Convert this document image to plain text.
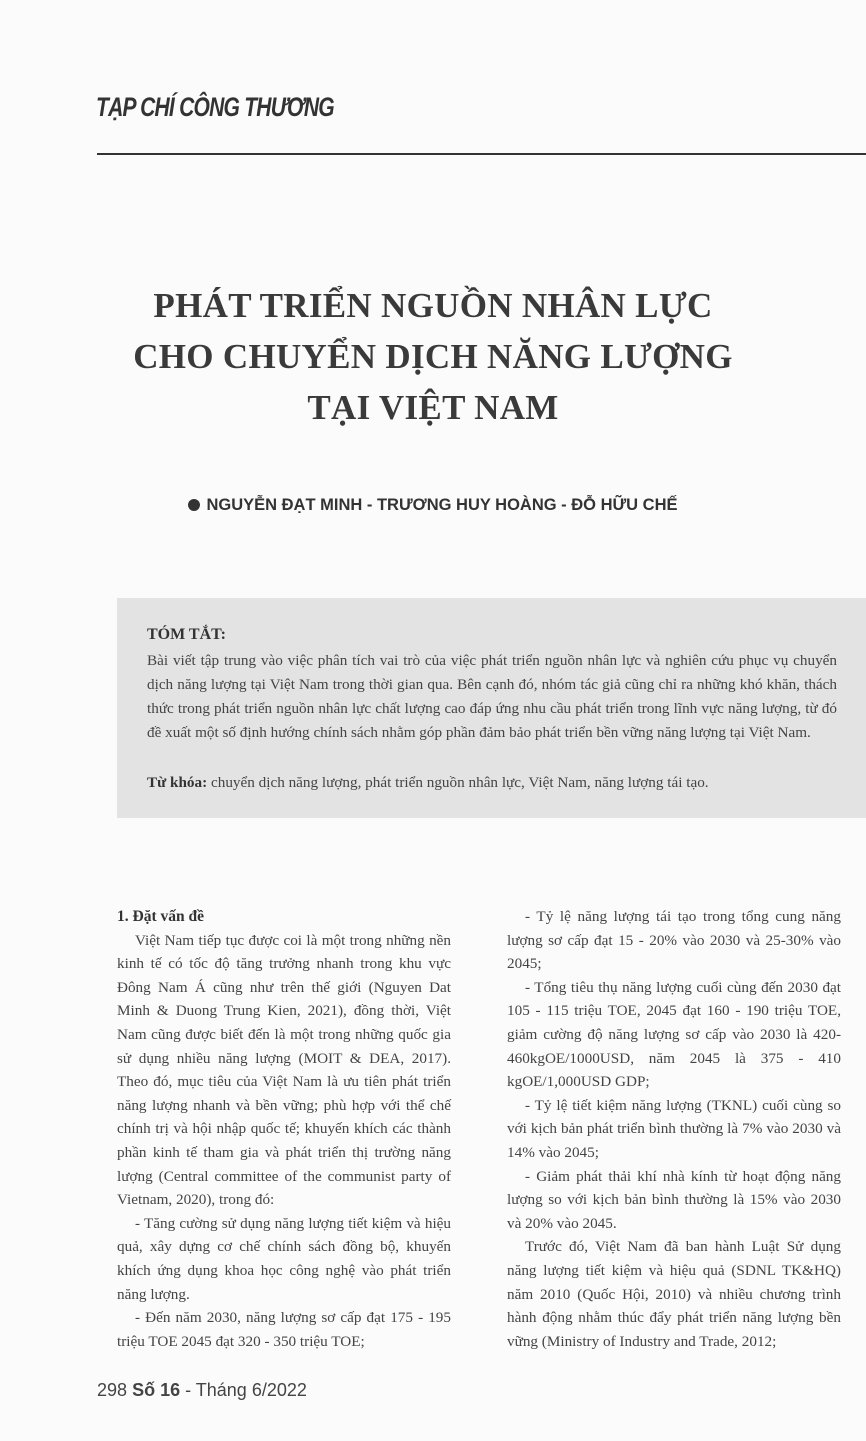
TẠP CHÍ CÔNG THƯƠNG
PHÁT TRIỂN NGUỒN NHÂN LỰC
CHO CHUYỂN DỊCH NĂNG LƯỢNG
TẠI VIỆT NAM
NGUYỄN ĐẠT MINH - TRƯƠNG HUY HOÀNG - ĐỖ HỮU CHẾ
TÓM TẮT:
Bài viết tập trung vào việc phân tích vai trò của việc phát triển nguồn nhân lực và nghiên cứu phục vụ chuyển dịch năng lượng tại Việt Nam trong thời gian qua. Bên cạnh đó, nhóm tác giả cũng chỉ ra những khó khăn, thách thức trong phát triển nguồn nhân lực chất lượng cao đáp ứng nhu cầu phát triển trong lĩnh vực năng lượng, từ đó đề xuất một số định hướng chính sách nhằm góp phần đảm bảo phát triển bền vững năng lượng tại Việt Nam.
Từ khóa: chuyển dịch năng lượng, phát triển nguồn nhân lực, Việt Nam, năng lượng tái tạo.

1. Đặt vấn đề

Việt Nam tiếp tục được coi là một trong những nền kinh tế có tốc độ tăng trưởng nhanh trong khu vực Đông Nam Á cũng như trên thế giới (Nguyen Dat Minh & Duong Trung Kien, 2021), đồng thời, Việt Nam cũng được biết đến là một trong những quốc gia sử dụng nhiều năng lượng (MOIT & DEA, 2017). Theo đó, mục tiêu của Việt Nam là ưu tiên phát triển năng lượng nhanh và bền vững; phù hợp với thể chế chính trị và hội nhập quốc tế; khuyến khích các thành phần kinh tế tham gia và phát triển thị trường năng lượng (Central committee of the communist party of Vietnam, 2020), trong đó:

- Tăng cường sử dụng năng lượng tiết kiệm và hiệu quả, xây dựng cơ chế chính sách đồng bộ, khuyến khích ứng dụng khoa học công nghệ vào phát triển năng lượng.

- Đến năm 2030, năng lượng sơ cấp đạt 175 - 195 triệu TOE 2045 đạt 320 - 350 triệu TOE;

- Tỷ lệ năng lượng tái tạo trong tổng cung năng lượng sơ cấp đạt 15 - 20% vào 2030 và 25-30% vào 2045;

- Tổng tiêu thụ năng lượng cuối cùng đến 2030 đạt 105 - 115 triệu TOE, 2045 đạt 160 - 190 triệu TOE, giảm cường độ năng lượng sơ cấp vào 2030 là 420-460kgOE/1000USD, năm 2045 là 375 - 410 kgOE/1,000USD GDP;

- Tỷ lệ tiết kiệm năng lượng (TKNL) cuối cùng so với kịch bản phát triển bình thường là 7% vào 2030 và 14% vào 2045;

- Giảm phát thải khí nhà kính từ hoạt động năng lượng so với kịch bản bình thường là 15% vào 2030 và 20% vào 2045.

Trước đó, Việt Nam đã ban hành Luật Sử dụng năng lượng tiết kiệm và hiệu quả (SDNL TK&HQ) năm 2010 (Quốc Hội, 2010) và nhiều chương trình hành động nhằm thúc đẩy phát triển năng lượng bền vững (Ministry of Industry and Trade, 2012;

298 Số 16 - Tháng 6/2022
